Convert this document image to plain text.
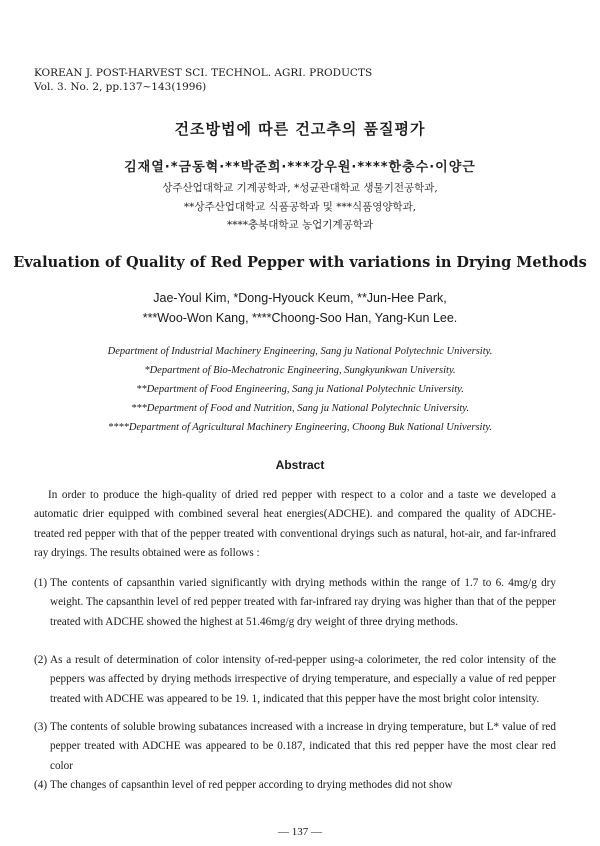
KOREAN J. POST-HARVEST SCI. TECHNOL. AGRI. PRODUCTS
Vol. 3. No. 2, pp.137~143(1996)
건조방법에 따른 건고추의 품질평가
김재열·*금동혁·**박준희·***강우원·****한충수·이양근
상주산업대학교 기계공학과, *성균관대학교 생물기전공학과,
**상주산업대학교 식품공학과 및 ***식품영양학과,
****충북대학교 농업기계공학과
Evaluation of Quality of Red Pepper with variations in Drying Methods
Jae-Youl Kim, *Dong-Hyouck Keum, **Jun-Hee Park,
***Woo-Won Kang, ****Choong-Soo Han, Yang-Kun Lee.
Department of Industrial Machinery Engineering, Sang ju National Polytechnic University.
*Department of Bio-Mechatronic Engineering, Sungkyunkwan University.
**Department of Food Engineering, Sang ju National Polytechnic University.
***Department of Food and Nutrition, Sang ju National Polytechnic University.
****Department of Agricultural Machinery Engineering, Choong Buk National University.
Abstract
In order to produce the high-quality of dried red pepper with respect to a color and a taste we developed a automatic drier equipped with combined several heat energies(ADCHE). and compared the quality of ADCHE-treated red pepper with that of the pepper treated with conventional dryings such as natural, hot-air, and far-infrared ray dryings. The results obtained were as follows :
(1) The contents of capsanthin varied significantly with drying methods within the range of 1.7 to 6. 4mg/g dry weight. The capsanthin level of red pepper treated with far-infrared ray drying was higher than that of the pepper treated with ADCHE showed the highest at 51.46mg/g dry weight of three drying methods.
(2) As a result of determination of color intensity of-red-pepper using-a colorimeter, the red color intensity of the peppers was affected by drying methods irrespective of drying temperature, and especially a value of red pepper treated with ADCHE was appeared to be 19. 1, indicated that this pepper have the most bright color intensity.
(3) The contents of soluble browing subatances increased with a increase in drying temperature, but L* value of red pepper treated with ADCHE was appeared to be 0.187, indicated that this red pepper have the most clear red color
(4) The changes of capsanthin level of red pepper according to drying methodes did not show
— 137 —
